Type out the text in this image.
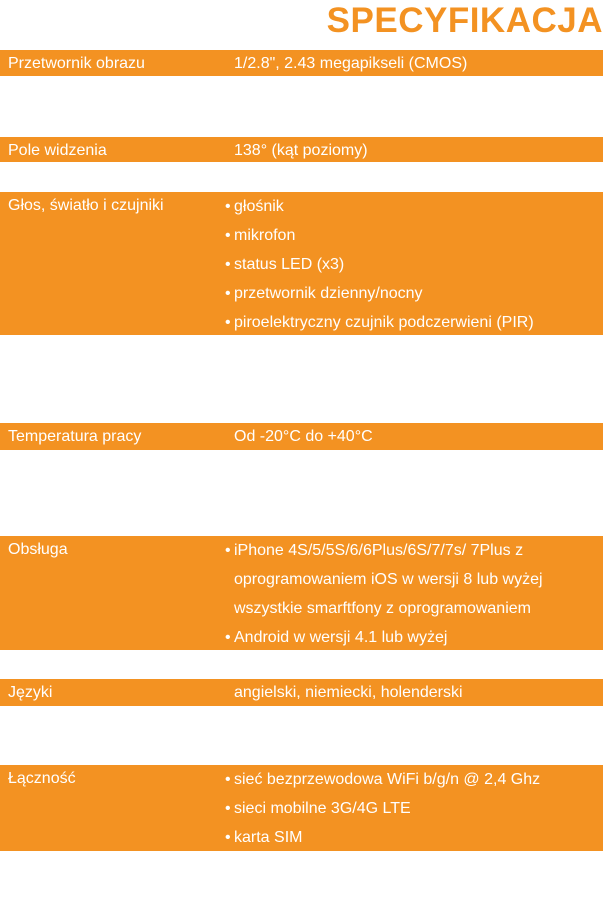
SPECYFIKACJA
Przetwornik obrazu	1/2.8", 2.43 megapikseli (CMOS)
Pole widzenia	138° (kąt poziomy)
Głos, światło i czujniki	• głośnik
• mikrofon
• status LED (x3)
• przetwornik dzienny/nocny
• piroelektryczny czujnik podczerwieni (PIR)
Temperatura pracy	Od -20°C do +40°C
Obsługa	• iPhone 4S/5/5S/6/6Plus/6S/7/7s/ 7Plus z
oprogramowaniem iOS w wersji 8 lub wyżej
wszystkie smarftfony z oprogramowaniem
• Android w wersji 4.1 lub wyżej
Języki	angielski, niemiecki, holenderski
Łączność	• sieć bezprzewodowa WiFi b/g/n @ 2,4 Ghz
• sieci mobilne 3G/4G LTE
• karta SIM
